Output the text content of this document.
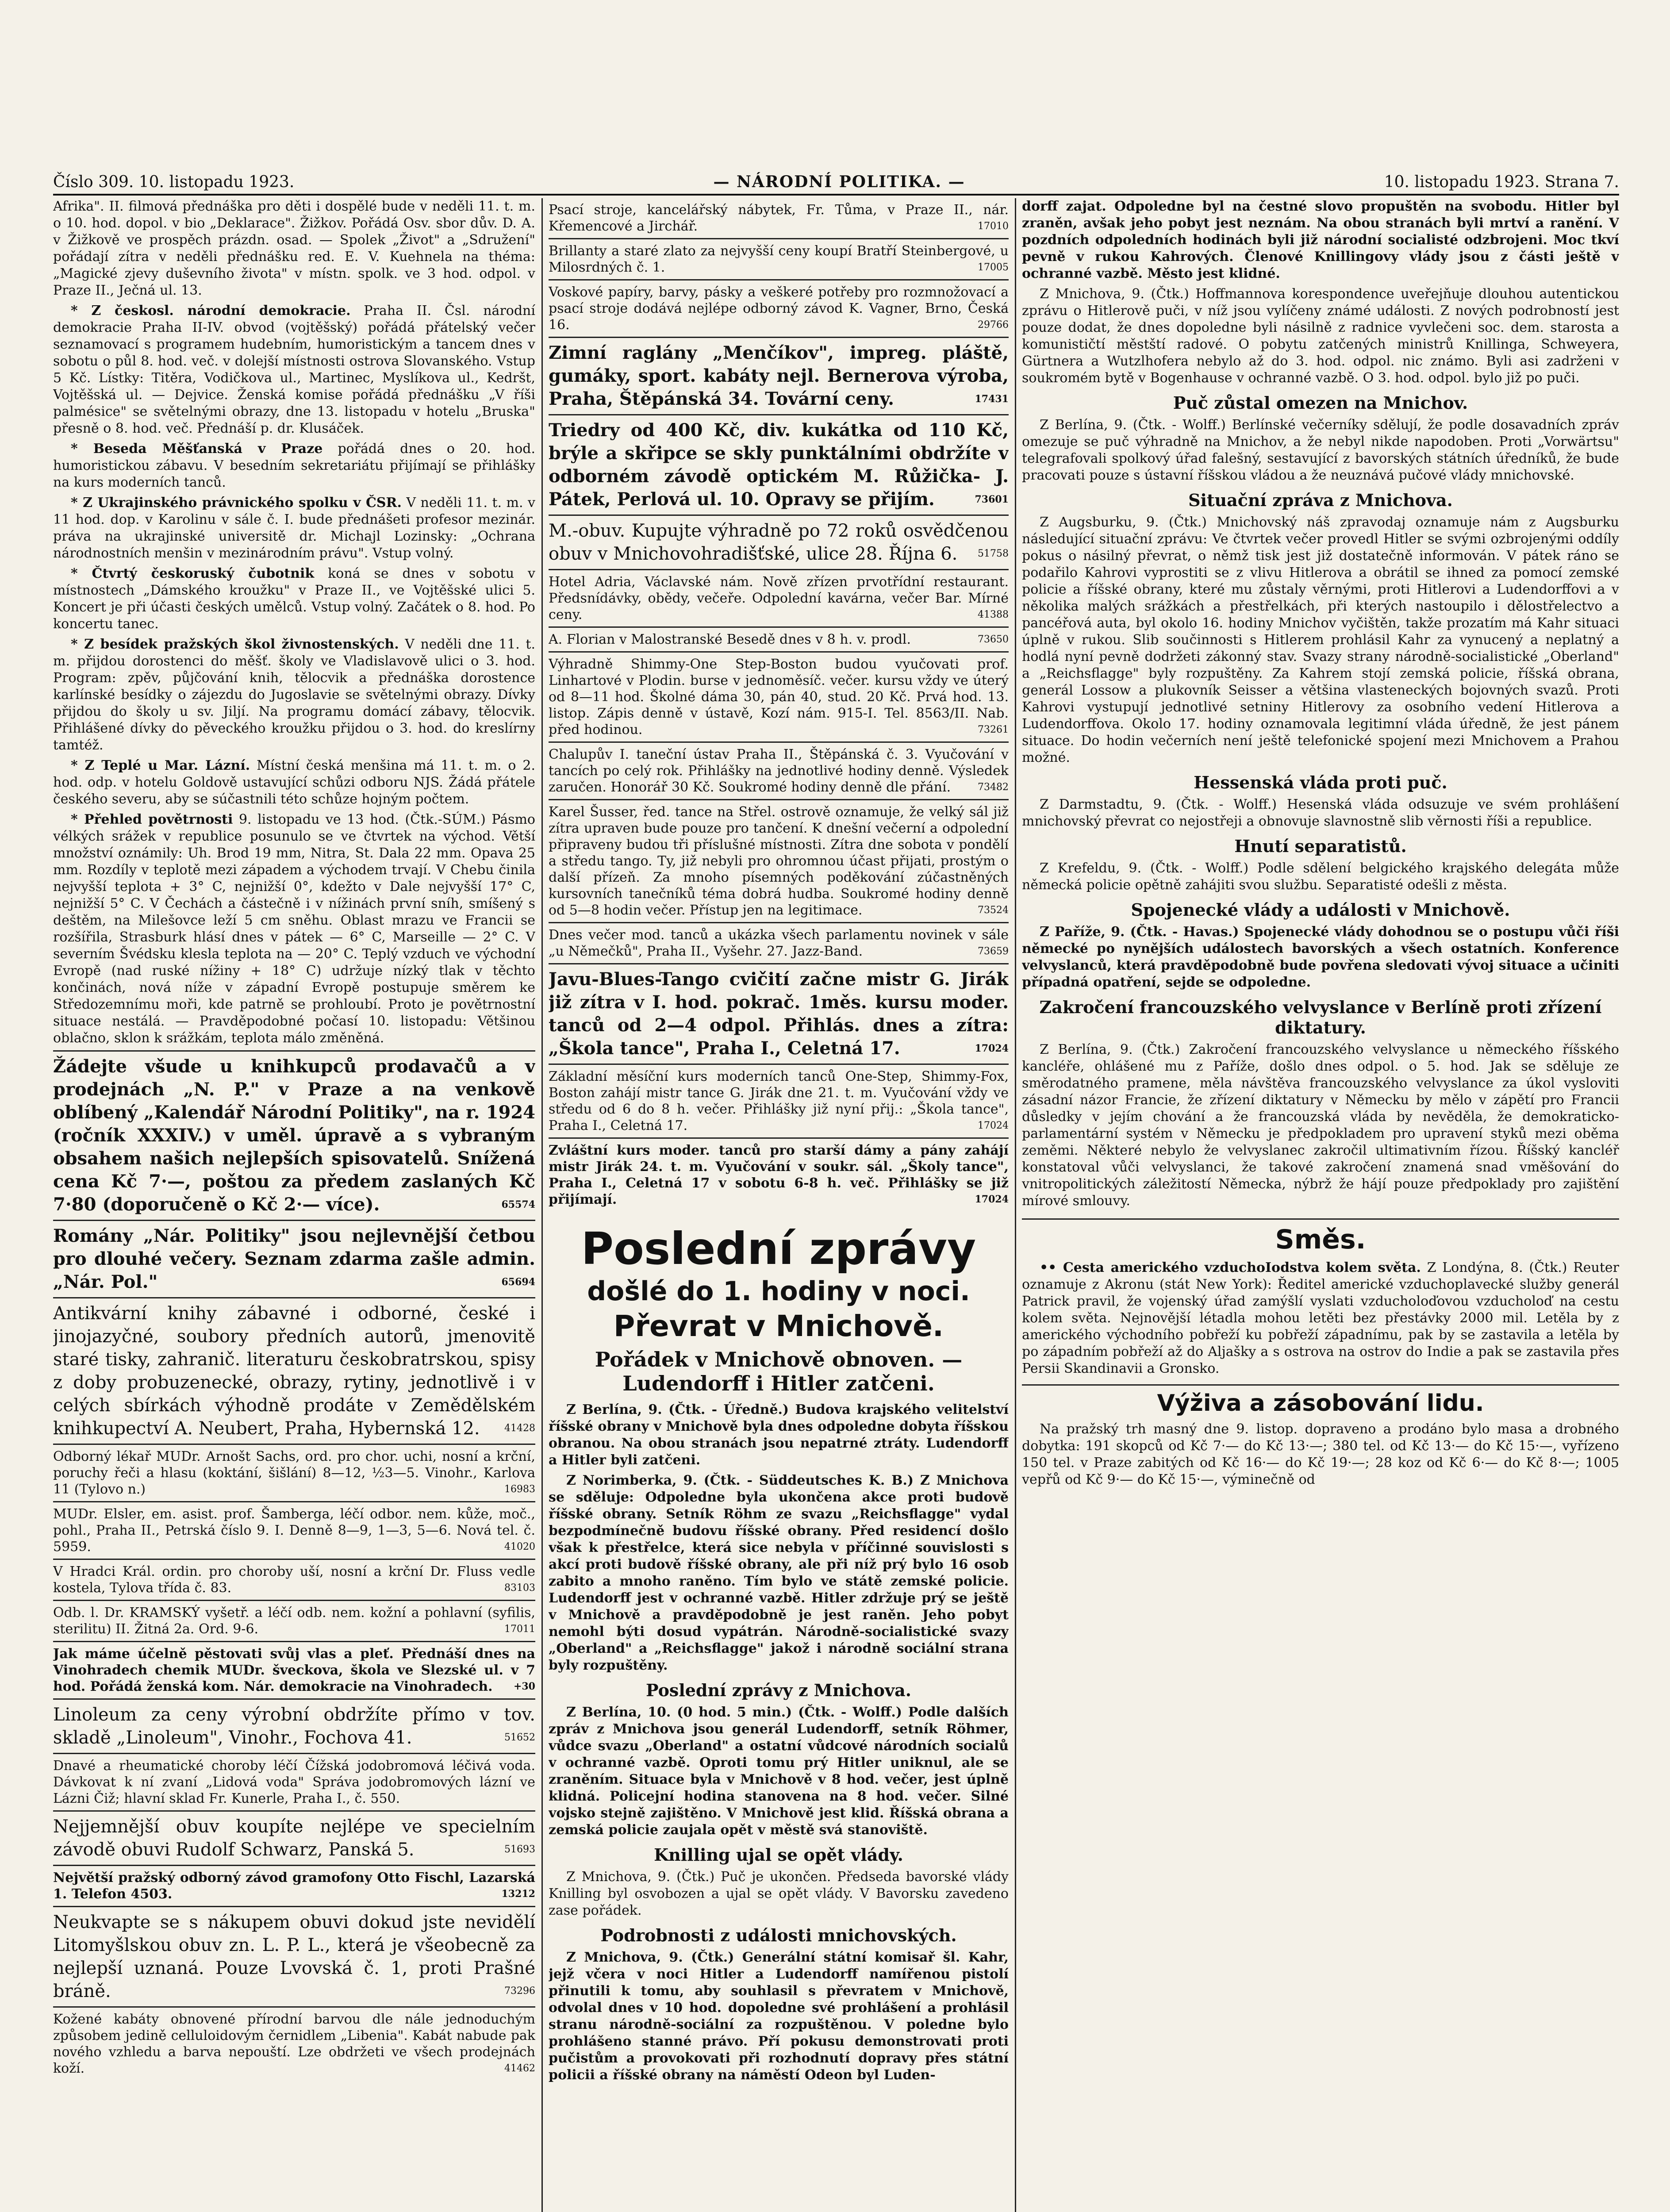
Číslo 309. 10. listopadu 1923.	— NÁRODNÍ POLITIKA. —	10. listopadu 1923. Strana 7.

Afrika". II. filmová přednáška pro děti i dospělé bude v neděli 11. t. m. o 10. hod. dopol. v bio „Deklarace". Žižkov. Pořádá Osv. sbor dův. D. A. v Žižkově ve prospěch prázdn. osad. — Spolek „Život" a „Sdružení" pořádají zítra v neděli přednášku red. E. V. Kuehnela na théma: „Magické zjevy duševního života" v místn. spolk. ve 3 hod. odpol. v Praze II., Ječná ul. 13.

* Z českosl. národní demokracie. Praha II. Čsl. národní demokracie Praha II-IV. obvod (vojtěšský) pořádá přátelský večer seznamovací s programem hudebním, humoristickým a tancem dnes v sobotu o půl 8. hod. več. v dolejší místnosti ostrova Slovanského. Vstup 5 Kč. Lístky: Titěra, Vodičkova ul., Martinec, Myslíkova ul., Kedršt, Vojtěšská ul. — Dejvice. Ženská komise pořádá přednášku „V říši palmésice" se světelnými obrazy, dne 13. listopadu v hotelu „Bruska" přesně o 8. hod. več. Přednáší p. dr. Klusáček.

* Beseda Měšťanská v Praze pořádá dnes o 20. hod. humoristickou zábavu. V besedním sekretariátu přijímají se přihlášky na kurs moderních tanců.

* Z Ukrajinského právnického spolku v ČSR. V neděli 11. t. m. v 11 hod. dop. v Karolinu v sále č. I. bude přednášeti profesor mezinár. práva na ukrajinské universitě dr. Michajl Lozinsky: „Ochrana národnostních menšin v mezinárodním právu". Vstup volný.

* Čtvrtý českoruský čubotnik koná se dnes v sobotu v místnostech „Dámského kroužku" v Praze II., ve Vojtěšské ulici 5. Koncert je při účasti českých umělců. Vstup volný. Začátek o 8. hod. Po koncertu tanec.

* Z besídek pražských škol živnostenských. V neděli dne 11. t. m. přijdou dorostenci do měšť. školy ve Vladislavově ulici o 3. hod. Program: zpěv, půjčování knih, tělocvik a přednáška dorostence karlínské besídky o zájezdu do Jugoslavie se světelnými obrazy. Dívky přijdou do školy u sv. Jiljí. Na programu domácí zábavy, tělocvik. Přihlášené dívky do pěveckého kroužku přijdou o 3. hod. do kreslírny tamtéž.

* Z Teplé u Mar. Lázní. Místní česká menšina má 11. t. m. o 2. hod. odp. v hotelu Goldově ustavující schůzi odboru NJS. Žádá přátele českého severu, aby se súčastnili této schůze hojným počtem.

* Přehled povětrnosti 9. listopadu ve 13 hod. (Čtk.-SÚM.) Pásmo vélkých srážek v republice posunulo se ve čtvrtek na východ. Větší množství oznámily: Uh. Brod 19 mm, Nitra, St. Dala 22 mm. Opava 25 mm. Rozdíly v teplotě mezi západem a východem trvají. V Chebu činila nejvyšší teplota + 3° C, nejnižší 0°, kdežto v Dale nejvyšší 17° C, nejnižší 5° C. V Čechách a částečně i v nížinách první sníh, smíšený s deštěm, na Milešovce leží 5 cm sněhu. Oblast mrazu ve Francii se rozšířila, Strasburk hlásí dnes v pátek — 6° C, Marseille — 2° C. V severním Švédsku klesla teplota na — 20° C. Teplý vzduch ve východní Evropě (nad ruské nížiny + 18° C) udržuje nízký tlak v těchto končinách, nová níže v západní Evropě postupuje směrem ke Středozemnímu moři, kde patrně se prohloubí. Proto je povětrnostní situace nestálá. — Pravděpodobné počasí 10. listopadu: Většinou oblačno, sklon k srážkám, teplota málo změněná.

Žádejte všude u knihkupců prodavačů a v prodejnách „N. P." v Praze a na venkově oblíbený „Kalendář Národní Politiky", na r. 1924 (ročník XXXIV.) v uměl. úpravě a s vybraným obsahem našich nejlepších spisovatelů. Snížená cena Kč 7·—, poštou za předem zaslaných Kč 7·80 (doporučeně o Kč 2·— více).	65574
Romány „Nár. Politiky" jsou nejlevnější četbou pro dlouhé večery. Seznam zdarma zašle admin. „Nár. Pol."	65694
Antikvární knihy zábavné i odborné, české i jinojazyčné, soubory předních autorů, jmenovitě staré tisky, zahranič. literaturu českobratrskou, spisy z doby probuzenecké, obrazy, rytiny, jednotlivě i v celých sbírkách výhodně prodáte v Zemědělském knihkupectví A. Neubert, Praha, Hybernská 12.	41428
Odborný lékař MUDr. Arnošt Sachs, ord. pro chor. uchi, nosní a krční, poruchy řeči a hlasu (koktání, šišlání) 8—12, ½3—5. Vinohr., Karlova 11 (Tylovo n.)	16983
MUDr. Elsler, em. asist. prof. Šamberga, léčí odbor. nem. kůže, moč., pohl., Praha II., Petrská číslo 9. I. Denně 8—9, 1—3, 5—6. Nová tel. č. 5959.	41020
V Hradci Král. ordin. pro choroby uší, nosní a krční Dr. Fluss vedle kostela, Tylova třída č. 83.	83103
Odb. l. Dr. KRAMSKÝ vyšetř. a léčí odb. nem. kožní a pohlavní (syfilis, sterilitu) II. Žitná 2a. Ord. 9-6.	17011
Jak máme účelně pěstovati svůj vlas a pleť. Přednáší dnes na Vinohradech chemik MUDr. šveckova, škola ve Slezské ul. v 7 hod. Pořádá ženská kom. Nár. demokracie na Vinohradech. +30
Linoleum za ceny výrobní obdržíte přímo v tov. skladě „Linoleum", Vinohr., Fochova 41.	51652
Dnavé a rheumatické choroby léčí Čížská jodobromová léčivá voda. Dávkovat k ní zvaní „Lidová voda" Správa jodobromových lázní ve Lázni Čiž; hlavní sklad Fr. Kunerle, Praha I., č. 550.
Nejjemnější obuv koupíte nejlépe ve specielním závodě obuvi Rudolf Schwarz, Panská 5.	51693
Největší pražský odborný závod gramofony Otto Fischl, Lazarská 1. Telefon 4503.	13212
Neukvapte se s nákupem obuvi dokud jste nevidělí Litomyšlskou obuv zn. L. P. L., která je všeobecně za nejlepší uznaná. Pouze Lvovská č. 1, proti Prašné bráně.	73296
Kožené kabáty obnovené přírodní barvou dle nále jednoduchým způsobem jedině celluloidovým černidlem „Libenia". Kabát nabude pak nového vzhledu a barva nepouští. Lze obdržeti ve všech prodejnách koží.	41462
Psací stroje, kancelářský nábytek, Fr. Tůma, v Praze II., nár. Křemencové a Jirchář.	17010
Brillanty a staré zlato za nejvyšší ceny koupí Bratří Steinbergové, u Milosrdných č. 1.	17005
Voskové papíry, barvy, pásky a veškeré potřeby pro rozmnožovací a psací stroje dodává nejlépe odborný závod K. Vagner, Brno, Česká 16.	29766
Zimní raglány „Menčíkov", impreg. pláště, gumáky, sport. kabáty nejl. Bernerova výroba, Praha, Štěpánská 34. Tovární ceny.	17431
Triedry od 400 Kč, div. kukátka od 110 Kč, brýle a skřipce se skly punktálními obdržíte v odborném závodě optickém M. Růžička- J. Pátek, Perlová ul. 10. Opravy se přijím.	73601
M.-obuv. Kupujte výhradně po 72 roků osvědčenou obuv v Mnichovohradišťské, ulice 28. Října 6. 51758
Hotel Adria, Václavské nám. Nově zřízen prvotřídní restaurant. Předsnídávky, obědy, večeře. Odpolední kavárna, večer Bar. Mírné ceny.	41388
A. Florian v Malostranské Besedě dnes v 8 h. v. prodl.	73650
Výhradně Shimmy-One Step-Boston budou vyučovati prof. Linhartové v Plodin. burse v jednoměsíč. večer. kursu vždy ve úterý od 8—11 hod. Školné dáma 30, pán 40, stud. 20 Kč. Prvá hod. 13. listop. Zápis denně v ústavě, Kozí nám. 915-I. Tel. 8563/II. Nab. před hodinou.	73261
Chalupův I. taneční ústav Praha II., Štěpánská č. 3. Vyučování v tancích po celý rok. Přihlášky na jednotlivé hodiny denně. Výsledek zaručen. Honorář 30 Kč. Soukromé hodiny denně dle přání.	73482
Karel Šusser, řed. tance na Střel. ostrově oznamuje, že velký sál již zítra upraven bude pouze pro tančení. K dnešní večerní a odpolední připraveny budou tři příslušné místnosti. Zítra dne sobota v pondělí a středu tango. Ty, již nebyli pro ohromnou účast přijati, prostým o další přízeň. Za mnoho písemných poděkování zúčastněných kursovních tanečníků téma dobrá hudba. Soukromé hodiny denně od 5—8 hodin večer. Přístup jen na legitimace.	73524
Dnes večer mod. tanců a ukázka všech parlamentu novinek v sále „u Němečků", Praha II., Vyšehr. 27. Jazz-Band.	73659
Javu-Blues-Tango cvičití začne mistr G. Jirák již zítra v I. hod. pokrač. 1měs. kursu moder. tanců od 2—4 odpol. Přihlás. dnes a zítra: „Škola tance", Praha I., Celetná 17.	17024
Základní měsíční kurs moderních tanců One-Step, Shimmy-Fox, Boston zahájí mistr tance G. Jirák dne 21. t. m. Vyučování vždy ve středu od 6 do 8 h. večer. Přihlášky již nyní přij.: „Škola tance", Praha I., Celetná 17.	17024
Zvláštní kurs moder. tanců pro starší dámy a pány zahájí mistr Jirák 24. t. m. Vyučování v soukr. sál. „Školy tance", Praha I., Celetná 17 v sobotu 6-8 h. več. Přihlášky se již přijímají.	17024
Poslední zprávy
došlé do 1. hodiny v noci.
Převrat v Mnichově.
Pořádek v Mnichově obnoven. — Ludendorff i Hitler zatčeni.

Z Berlína, 9. (Čtk. - Úředně.) Budova krajského velitelství říšské obrany v Mnichově byla dnes odpoledne dobyta říšskou obranou. Na obou stranách jsou nepatrné ztráty. Ludendorff a Hitler byli zatčeni.

Z Norimberka, 9. (Čtk. - Süddeutsches K. B.) Z Mnichova se sděluje: Odpoledne byla ukončena akce proti budově říšské obrany. Setník Röhm ze svazu „Reichsflagge" vydal bezpodmínečně budovu říšské obrany. Před residencí došlo však k přestřelce, která sice nebyla v příčinné souvislosti s akcí proti budově říšské obrany, ale při níž prý bylo 16 osob zabito a mnoho raněno. Tím bylo ve státě zemské policie. Ludendorff jest v ochranné vazbě. Hitler zdržuje prý se ještě v Mnichově a pravděpodobně je jest raněn. Jeho pobyt nemohl býti dosud vypátrán. Národně-socialistické svazy „Oberland" a „Reichsflagge" jakož i národně sociální strana byly rozpuštěny.

Poslední zprávy z Mnichova.

Z Berlína, 10. (0 hod. 5 min.) (Čtk. - Wolff.) Podle dalších zpráv z Mnichova jsou generál Ludendorff, setník Röhmer, vůdce svazu „Oberland" a ostatní vůdcové národních socialů v ochranné vazbě. Oproti tomu prý Hitler uniknul, ale se zraněním. Situace byla v Mnichově v 8 hod. večer, jest úplně klidná. Policejní hodina stanovena na 8 hod. večer. Silné vojsko stejně zajištěno. V Mnichově jest klid. Říšská obrana a zemská policie zaujala opět v městě svá stanoviště.

Knilling ujal se opět vlády.

Z Mnichova, 9. (Čtk.) Puč je ukončen. Předseda bavorské vlády Knilling byl osvobozen a ujal se opět vlády. V Bavorsku zavedeno zase pořádek.

Podrobnosti z události mnichovských.

Z Mnichova, 9. (Čtk.) Generální státní komisař šl. Kahr, jejž včera v noci Hitler a Ludendorff namířenou pistolí přinutili k tomu, aby souhlasil s převratem v Mnichově, odvolal dnes v 10 hod. dopoledne své prohlášení a prohlásil stranu národně-sociální za rozpuštěnou. V poledne bylo prohlášeno stanné právo. Pří pokusu demonstrovati proti pučistům a provokovati při rozhodnutí dopravy přes státní policii a říšské obrany na náměstí Odeon byl Luden-

dorff zajat. Odpoledne byl na čestné slovo propuštěn na svobodu. Hitler byl zraněn, avšak jeho pobyt jest neznám. Na obou stranách byli mrtví a ranění. V pozdních odpoledních hodinách byli již národní socialisté odzbrojeni. Moc tkví pevně v rukou Kahrových. Členové Knillingovy vlády jsou z části ještě v ochranné vazbě. Město jest klidné.

Z Mnichova, 9. (Čtk.) Hoffmannova korespondence uveřejňuje dlouhou autentickou zprávu o Hitlerově puči, v níž jsou vylíčeny známé události. Z nových podrobností jest pouze dodat, že dnes dopoledne byli násilně z radnice vyvlečeni soc. dem. starosta a komunističtí městští radové. O pobytu zatčených ministrů Knillinga, Schweyera, Gürtnera a Wutzlhofera nebylo až do 3. hod. odpol. nic známo. Byli asi zadrženi v soukromém bytě v Bogenhause v ochranné vazbě. O 3. hod. odpol. bylo již po puči.

Puč zůstal omezen na Mnichov.

Z Berlína, 9. (Čtk. - Wolff.) Berlínské večerníky sdělují, že podle dosavadních zpráv omezuje se puč výhradně na Mnichov, a že nebyl nikde napodoben. Proti „Vorwärtsu" telegrafovali spolkový úřad falešný, sestavující z bavorských státních úředníků, že bude pracovati pouze s ústavní říšskou vládou a že neuznává pučové vlády mnichovské.

Situační zpráva z Mnichova.

Z Augsburku, 9. (Čtk.) Mnichovský náš zpravodaj oznamuje nám z Augsburku následující situační zprávu: Ve čtvrtek večer provedl Hitler se svými ozbrojenými oddíly pokus o násilný převrat, o němž tisk jest již dostatečně informován. V pátek ráno se podařilo Kahrovi vyprostiti se z vlivu Hitlerova a obrátil se ihned za pomocí zemské policie a říšské obrany, které mu zůstaly věrnými, proti Hitlerovi a Ludendorffovi a v několika malých srážkách a přestřelkách, při kterých nastoupilo i dělostřelectvo a pancéřová auta, byl okolo 16. hodiny Mnichov vyčištěn, takže prozatím má Kahr situaci úplně v rukou. Slib součinnosti s Hitlerem prohlásil Kahr za vynucený a neplatný a hodlá nyní pevně dodržeti zákonný stav. Svazy strany národně-socialistické „Oberland" a „Reichsflagge" byly rozpuštěny. Za Kahrem stojí zemská policie, říšská obrana, generál Lossow a plukovník Seisser a většina vlasteneckých bojovných svazů. Proti Kahrovi vystupují jednotlivé setniny Hitlerovy za osobního vedení Hitlerova a Ludendorffova. Okolo 17. hodiny oznamovala legitimní vláda úředně, že jest pánem situace. Do hodin večerních není ještě telefonické spojení mezi Mnichovem a Prahou možné.

Hessenská vláda proti puč.

Z Darmstadtu, 9. (Čtk. - Wolff.) Hesenská vláda odsuzuje ve svém prohlášení mnichovský převrat co nejostřeji a obnovuje slavnostně slib věrnosti říši a republice.

Hnutí separatistů.

Z Krefeldu, 9. (Čtk. - Wolff.) Podle sdělení belgického krajského delegáta může německá policie opětně zahájiti svou službu. Separatisté odešli z města.

Spojenecké vlády a události v Mnichově.

Z Paříže, 9. (Čtk. - Havas.) Spojenecké vlády dohodnou se o postupu vůči říši německé po nynějších událostech bavorských a všech ostatních. Konference velvyslanců, která pravděpodobně bude povřena sledovati vývoj situace a učiniti případná opatření, sejde se odpoledne.

Zakročení francouzského velvyslance v Berlíně proti zřízení diktatury.

Z Berlína, 9. (Čtk.) Zakročení francouzského velvyslance u německého říšského kancléře, ohlášené mu z Paříže, došlo dnes odpol. o 5. hod. Jak se sděluje ze směrodatného pramene, měla návštěva francouzského velvyslance za úkol vysloviti zásadní názor Francie, že zřízení diktatury v Německu by mělo v zápětí pro Francii důsledky v jejím chování a že francouzská vláda by nevěděla, že demokraticko-parlamentární systém v Německu je předpokladem pro upravení styků mezi oběma zeměmi. Některé nebylo že velvyslanec zakročil ultimativním řízou. Říšský kancléř konstatoval vůči velvyslanci, že takové zakročení znamená snad vměšování do vnitropolitických záležitostí Německa, nýbrž že hájí pouze předpoklady pro zajištění mírové smlouvy.

Směs.

•• Cesta amerického vzduchoIodstva kolem světa. Z Londýna, 8. (Čtk.) Reuter oznamuje z Akronu (stát New York): Ředitel americké vzduchoplavecké služby generál Patrick pravil, že vojenský úřad zamýšlí vyslati vzducholoďovou vzducholoď na cestu kolem světa. Nejnovější létadla mohou letěti bez přestávky 2000 mil. Letěla by z amerického východního pobřeží ku pobřeží západnímu, pak by se zastavila a letěla by po západním pobřeží až do Aljašky a s ostrova na ostrov do Indie a pak se zastavila přes Persii Skandinavii a Gronsko.

Výživa a zásobování lidu.

Na pražský trh masný dne 9. listop. dopraveno a prodáno bylo masa a drobného dobytka: 191 skopců od Kč 7·— do Kč 13·—; 380 tel. od Kč 13·— do Kč 15·—, vyřízeno 150 tel. v Praze zabitých od Kč 16·— do Kč 19·—; 28 koz od Kč 6·— do Kč 8·—; 1005 vepřů od Kč 9·— do Kč 15·—, výminečně od
